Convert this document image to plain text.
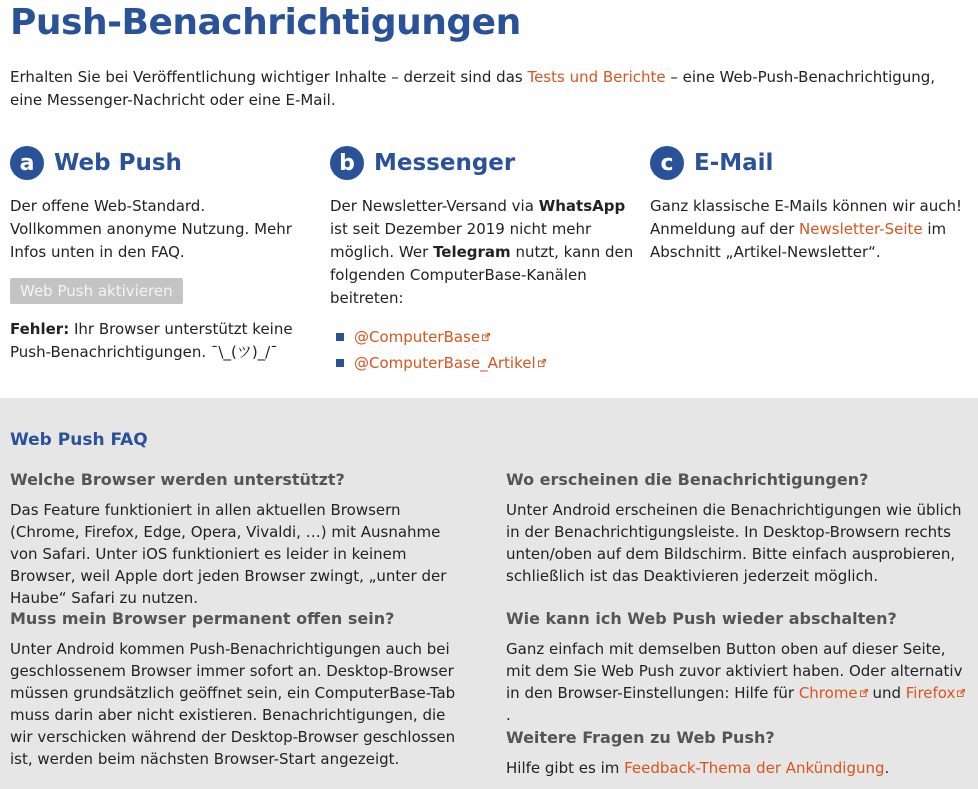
Push-Benachrichtigungen

Erhalten Sie bei Veröffentlichung wichtiger Inhalte – derzeit sind das Tests und Berichte – eine Web-Push-Benachrichtigung, eine Messenger-Nachricht oder eine E-Mail.

a Web Push

Der offene Web-Standard. Vollkommen anonyme Nutzung. Mehr Infos unten in den FAQ.

Web Push aktivieren

Fehler: Ihr Browser unterstützt keine Push-Benachrichtigungen. ¯\_(ツ)_/¯

b Messenger

Der Newsletter-Versand via WhatsApp ist seit Dezember 2019 nicht mehr möglich. Wer Telegram nutzt, kann den folgenden ComputerBase-Kanälen beitreten:

@ComputerBase
@ComputerBase_Artikel
c E-Mail

Ganz klassische E-Mails können wir auch! Anmeldung auf der Newsletter-Seite im Abschnitt „Artikel-Newsletter“.

Web Push FAQ
Welche Browser werden unterstützt?

Das Feature funktioniert in allen aktuellen Browsern (Chrome, Firefox, Edge, Opera, Vivaldi, …) mit Ausnahme von Safari. Unter iOS funktioniert es leider in keinem Browser, weil Apple dort jeden Browser zwingt, „unter der Haube“ Safari zu nutzen.

Muss mein Browser permanent offen sein?

Unter Android kommen Push-Benachrichtigungen auch bei geschlossenem Browser immer sofort an. Desktop-Browser müssen grundsätzlich geöffnet sein, ein ComputerBase-Tab muss darin aber nicht existieren. Benachrichtigungen, die wir verschicken während der Desktop-Browser geschlossen ist, werden beim nächsten Browser-Start angezeigt.

Wo erscheinen die Benachrichtigungen?

Unter Android erscheinen die Benachrichtigungen wie üblich in der Benachrichtigungsleiste. In Desktop-Browsern rechts unten/oben auf dem Bildschirm. Bitte einfach ausprobieren, schließlich ist das Deaktivieren jederzeit möglich.

Wie kann ich Web Push wieder abschalten?

Ganz einfach mit demselben Button oben auf dieser Seite, mit dem Sie Web Push zuvor aktiviert haben. Oder alternativ in den Browser-Einstellungen: Hilfe für Chrome und Firefox.

Weitere Fragen zu Web Push?

Hilfe gibt es im Feedback-Thema der Ankündigung.
